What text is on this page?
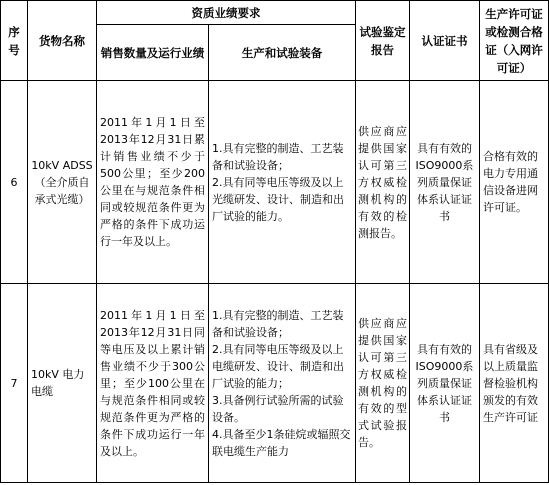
序号	货物名称	资质业绩要求		试验鉴定报告	认证证书	生产许可证或检测合格证（入网许可证）
		销售数量及运行业绩	生产和试验装备			
6	10kV ADSS（全介质自承式光缆）	2011年1月1日至2013年12月31日累计销售业绩不少于500公里；至少200公里在与规范条件相同或较规范条件更为严格的条件下成功运行一年及以上。	1.具有完整的制造、工艺装备和试验设备；
2.具有同等电压等级及以上光缆研发、设计、制造和出厂试验的能力。	供应商应提供国家认可第三方权威检测机构的有效的检测报告。	具有有效的ISO9000系列质量保证体系认证证书	合格有效的电力专用通信设备进网许可证。
7	10kV 电力电缆	2011年1月1日至2013年12月31日同等电压及以上累计销售业绩不少于300公里；至少100公里在与规范条件相同或较规范条件更为严格的条件下成功运行一年及以上。	1.具有完整的制造、工艺装备和试验设备；
2.具有同等电压等级及以上电缆研发、设计、制造和出厂试验的能力；
3.具备例行试验所需的试验设备。
4.具备至少1条硅烷或辐照交联电缆生产能力	供应商应提供国家认可第三方权威检测机构的有效的型式试验报告。	具有有效的ISO9000系列质量保证体系认证证书	具有省级及以上质量监督检验机构颁发的有效生产许可证
